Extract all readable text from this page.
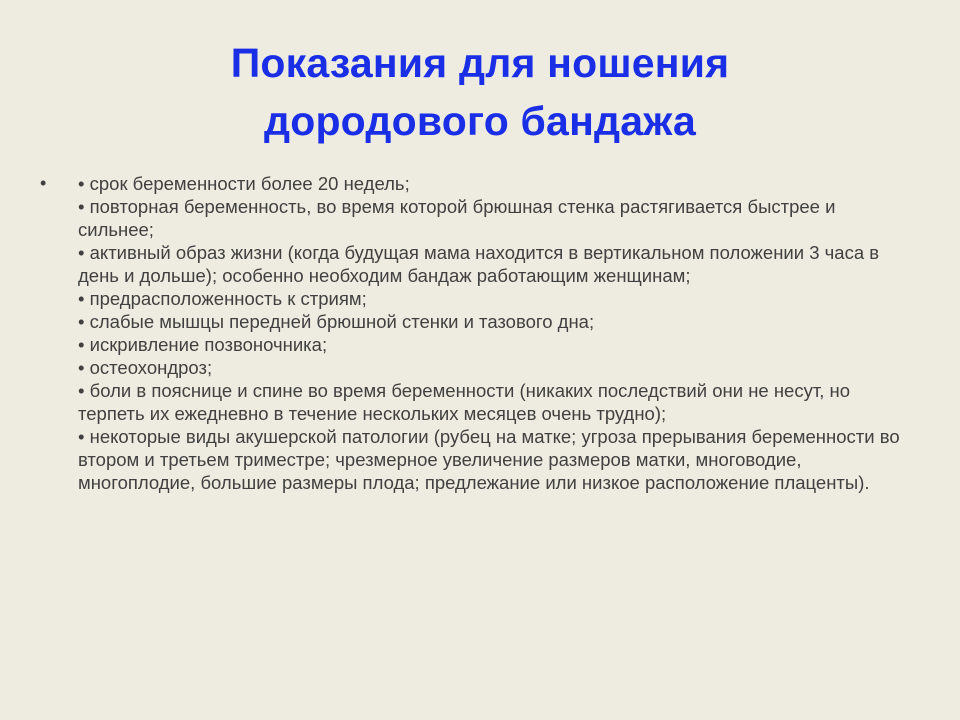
Показания для ношения
дородового бандажа
• • срок беременности более 20 недель;
• повторная беременность, во время которой брюшная стенка растягивается быстрее и сильнее;
• активный образ жизни (когда будущая мама находится в вертикальном положении 3 часа в день и дольше); особенно необходим бандаж работающим женщинам;
• предрасположенность к стриям;
• слабые мышцы передней брюшной стенки и тазового дна;
• искривление позвоночника;
• остеохондроз;
• боли в пояснице и спине во время беременности (никаких последствий они не несут, но терпеть их ежедневно в течение нескольких месяцев очень трудно);
• некоторые виды акушерской патологии (рубец на матке; угроза прерывания беременности во втором и третьем триместре; чрезмерное увеличение размеров матки, многоводие, многоплодие, большие размеры плода; предлежание или низкое расположение плаценты).
